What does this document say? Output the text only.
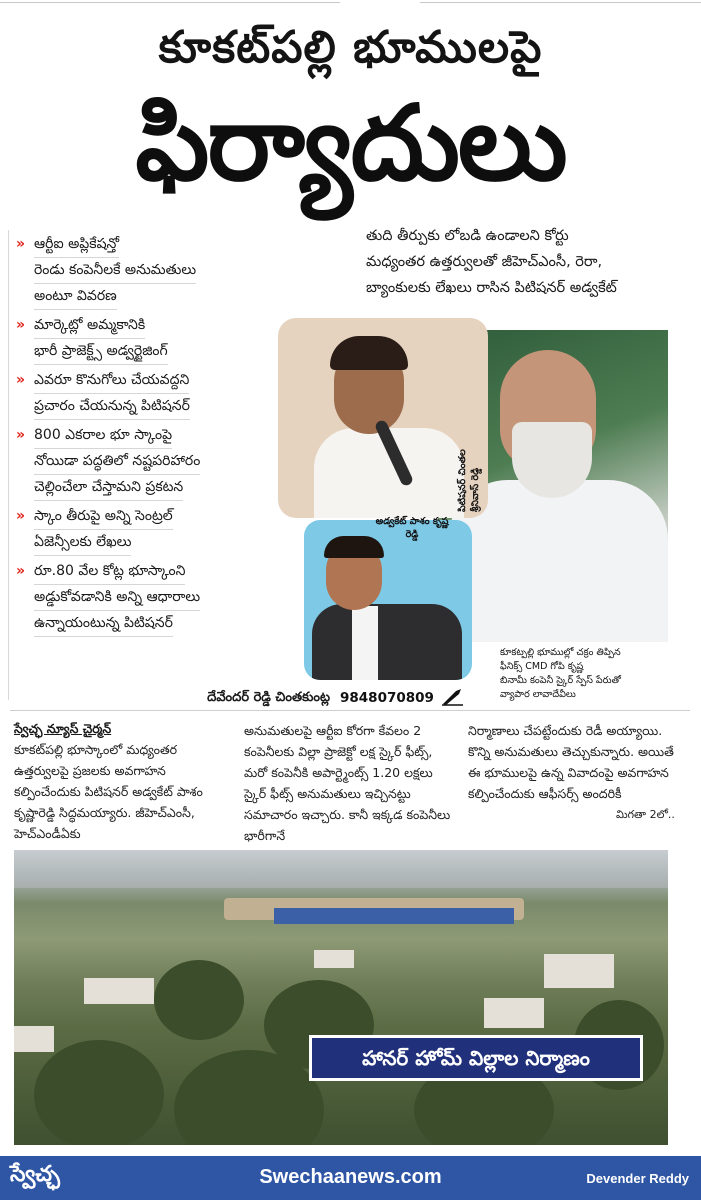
కూకట్‌పల్లి భూములపై
ఫిర్యాదులు
తుది తీర్పుకు లోబడి ఉండాలని కోర్టు
మధ్యంతర ఉత్తర్వులతో జీహెచ్ఎంసీ, రెరా,
బ్యాంకులకు లేఖలు రాసిన పిటిషనర్ అడ్వకేట్
» ఆర్టీఐ అప్లికేషన్తో
రెండు కంపెనీలకే అనుమతులు
అంటూ వివరణ
» మార్కెట్లో అమ్మకానికి
భారీ ప్రాజెక్ట్స్ అడ్వర్టైజింగ్
» ఎవరూ కొనుగోలు చేయవద్దని
ప్రచారం చేయనున్న పిటిషనర్
» 800 ఎకరాల భూ స్కాంపై
నోయిడా పద్ధతిలో నష్టపరిహారం
చెల్లించేలా చేస్తామని ప్రకటన
» స్కాం తీరుపై అన్ని సెంట్రల్
ఏజెన్సీలకు లేఖలు
» రూ.80 వేల కోట్ల భూస్కాంని
అడ్డుకోవడానికి అన్ని ఆధారాలు
ఉన్నాయంటున్న పిటిషనర్
పిటిషనర్ చింతల శ్రీనివాస్ రెడ్డి
అడ్వకేట్ పాశం కృష్ణ రెడ్డి
కూకట్పల్లి భూముల్లో చక్రం తిప్పిన
ఫీనిక్స్ CMD గోపి కృష్ణ
బినామీ కంపెనీ స్కైర్ స్పేస్ పేరుతో
వ్యాపార లావాదేవీలు
దేవేందర్ రెడ్డి చింతకుంట్ల 9848070809
స్వేచ్ఛ న్యూస్ చైర్మన్
కూకట్‌పల్లి భూస్కాంలో మధ్యంతర ఉత్తర్వులపై ప్రజలకు అవగాహన కల్పించేందుకు పిటిషనర్ అడ్వకేట్ పాశం కృష్ణారెడ్డి సిద్ధమయ్యారు. జీహెచ్ఎంసీ, హెచ్ఎండీఏకు
అనుమతులపై ఆర్టీఐ కోరగా కేవలం 2 కంపెనీలకు విల్లా ప్రాజెక్టో లక్ష స్కైర్ ఫీట్స్, మరో కంపెనీకి అపార్ట్మెంట్స్ 1.20 లక్షలు స్కైర్ ఫీట్స్ అనుమతులు ఇచ్చినట్టు సమాచారం ఇచ్చారు. కానీ ఇక్కడ కంపెనీలు భారీగానే
నిర్మాణాలు చేపట్టేందుకు రెడీ అయ్యాయి. కొన్ని అనుమతులు తెచ్చుకున్నారు. అయితే ఈ భూములపై ఉన్న వివాదంపై అవగాహన కల్పించేందుకు ఆఫీసర్స్ అందరికీ
మిగతా 2లో..
హానర్ హోమ్ విల్లాల నిర్మాణం
స్వేచ్ఛ	Swechaanews.com	Devender Reddy
